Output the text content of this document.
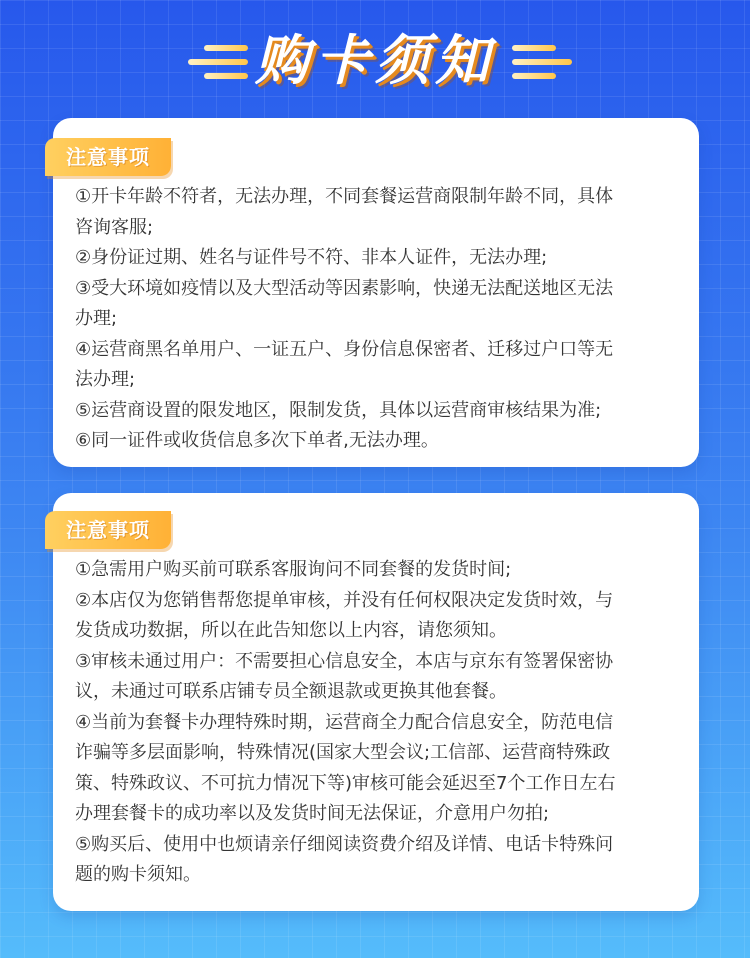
购卡须知
①开卡年龄不符者，无法办理，不同套餐运营商限制年龄不同，具体
咨询客服;
②身份证过期、姓名与证件号不符、非本人证件，无法办理;
③受大环境如疫情以及大型活动等因素影响，快递无法配送地区无法
办理;
④运营商黑名单用户、一证五户、身份信息保密者、迁移过户口等无
法办理;
⑤运营商设置的限发地区，限制发货，具体以运营商审核结果为准;
⑥同一证件或收货信息多次下单者,无法办理。
注意事项
①急需用户购买前可联系客服询问不同套餐的发货时间;
②本店仅为您销售帮您提单审核，并没有任何权限决定发货时效，与
发货成功数据，所以在此告知您以上内容，请您须知。
③审核未通过用户：不需要担心信息安全，本店与京东有签署保密协
议，未通过可联系店铺专员全额退款或更换其他套餐。
④当前为套餐卡办理特殊时期，运营商全力配合信息安全，防范电信
诈骗等多层面影响，特殊情况(国家大型会议;工信部、运营商特殊政
策、特殊政议、不可抗力情况下等)审核可能会延迟至7个工作日左右
办理套餐卡的成功率以及发货时间无法保证，介意用户勿拍;
⑤购买后、使用中也烦请亲仔细阅读资费介绍及详情、电话卡特殊问
题的购卡须知。
注意事项
